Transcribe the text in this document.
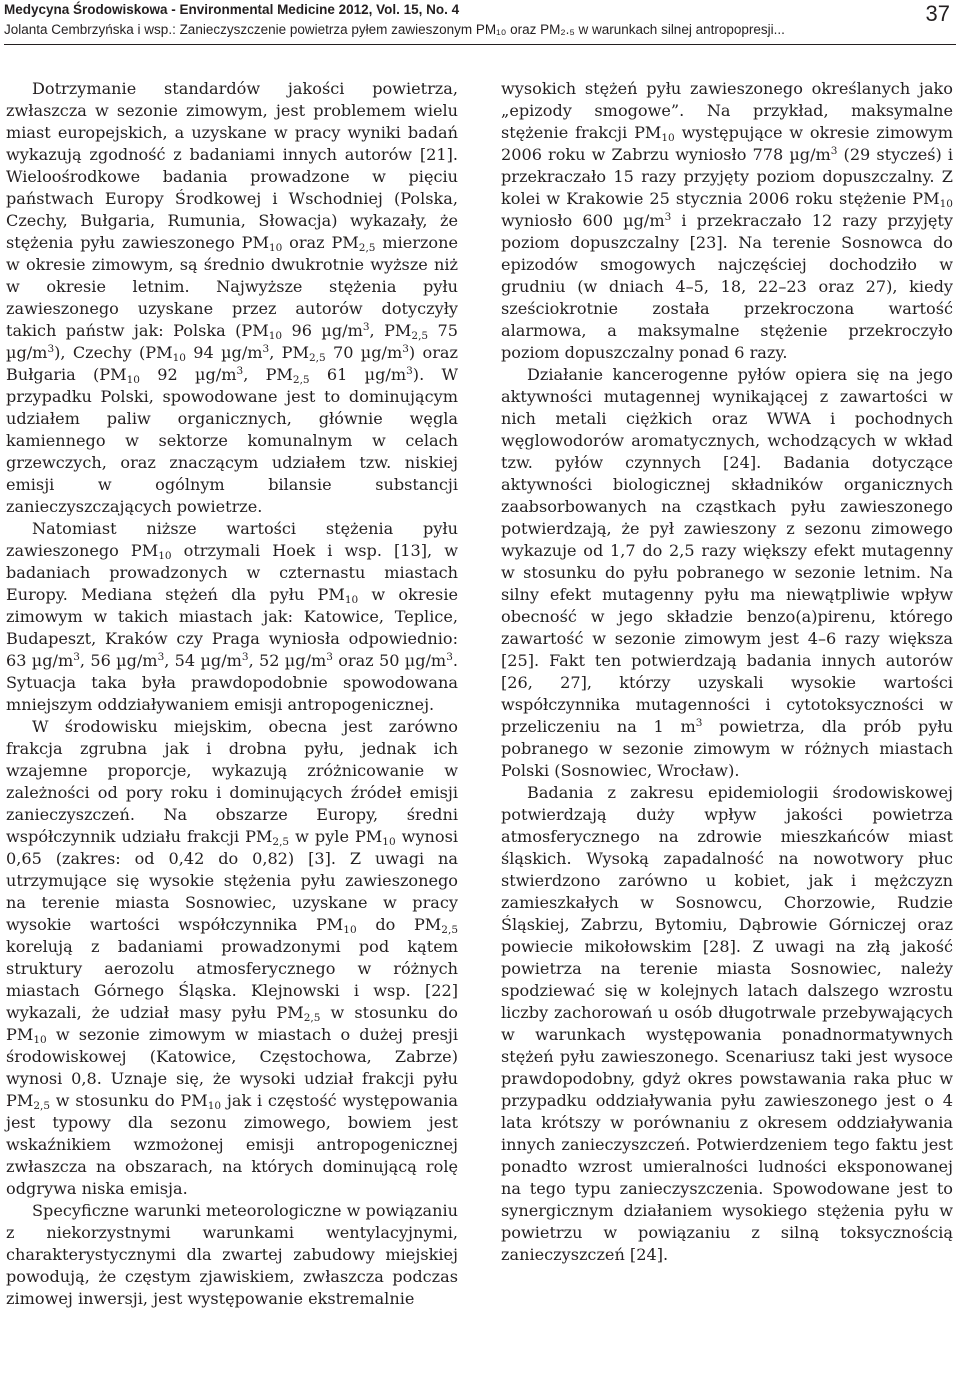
Medycyna Środowiskowa - Environmental Medicine 2012, Vol. 15, No. 4
Jolanta Cembrzyńska i wsp.: Zanieczyszczenie powietrza pyłem zawieszonym PM₁₀ oraz PM₂.₅ w warunkach silnej antropopresji...
37

Dotrzymanie standardów jakości powietrza, zwłaszcza w sezonie zimowym, jest problemem wielu miast europejskich, a uzyskane w pracy wyniki badań wykazują zgodność z badaniami innych autorów [21]. Wieloośrodkowe badania prowadzone w pięciu państwach Europy Środkowej i Wschodniej (Polska, Czechy, Bułgaria, Rumunia, Słowacja) wykazały, że stężenia pyłu zawieszonego $PM_{10}$ oraz $PM_{2,5}$ mierzone w okresie zimowym, są średnio dwukrotnie wyższe niż w okresie letnim. Najwyższe stężenia pyłu zawieszonego uzyskane przez autorów dotyczyły takich państw jak: Polska ($PM_{10}$ 96 $\mu g/m^3$, $PM_{2,5}$ 75 $\mu g/m^3$), Czechy ($PM_{10}$ 94 $\mu g/m^3$, $PM_{2,5}$ 70 $\mu g/m^3$) oraz Bułgaria ($PM_{10}$ 92 $\mu g/m^3$, $PM_{2,5}$ 61 $\mu g/m^3$). W przypadku Polski, spowodowane jest to dominującym udziałem paliw organicznych, głównie węgla kamiennego w sektorze komunalnym w celach grzewczych, oraz znaczącym udziałem tzw. niskiej emisji w ogólnym bilansie substancji zanieczyszczających powietrze.

Natomiast niższe wartości stężenia pyłu zawieszonego $PM_{10}$ otrzymali Hoek i wsp. [13], w badaniach prowadzonych w czternastu miastach Europy. Mediana stężeń dla pyłu $PM_{10}$ w okresie zimowym w takich miastach jak: Katowice, Teplice, Budapeszt, Kraków czy Praga wyniosła odpowiednio: 63 $\mu g/m^3$, 56 $\mu g/m^3$, 54 $\mu g/m^3$, 52 $\mu g/m^3$ oraz 50 $\mu g/m^3$. Sytuacja taka była prawdopodobnie spowodowana mniejszym oddziaływaniem emisji antropogenicznej.

W środowisku miejskim, obecna jest zarówno frakcja zgrubna jak i drobna pyłu, jednak ich wzajemne proporcje, wykazują zróżnicowanie w zależności od pory roku i dominujących źródeł emisji zanieczyszczeń. Na obszarze Europy, średni współczynnik udziału frakcji $PM_{2,5}$ w pyle $PM_{10}$ wynosi 0,65 (zakres: od 0,42 do 0,82) [3]. Z uwagi na utrzymujące się wysokie stężenia pyłu zawieszonego na terenie miasta Sosnowiec, uzyskane w pracy wysokie wartości współczynnika $PM_{10}$ do $PM_{2,5}$ korelują z badaniami prowadzonymi pod kątem struktury aerozolu atmosferycznego w różnych miastach Górnego Śląska. Klejnowski i wsp. [22] wykazali, że udział masy pyłu $PM_{2,5}$ w stosunku do $PM_{10}$ w sezonie zimowym w miastach o dużej presji środowiskowej (Katowice, Częstochowa, Zabrze) wynosi 0,8. Uznaje się, że wysoki udział frakcji pyłu $PM_{2,5}$ w stosunku do $PM_{10}$ jak i częstość występowania jest typowy dla sezonu zimowego, bowiem jest wskaźnikiem wzmożonej emisji antropogenicznej zwłaszcza na obszarach, na których dominującą rolę odgrywa niska emisja.

Specyficzne warunki meteorologiczne w powiązaniu z niekorzystnymi warunkami wentylacyjnymi, charakterystycznymi dla zwartej zabudowy miejskiej powodują, że częstym zjawiskiem, zwłaszcza podczas zimowej inwersji, jest występowanie ekstremalnie

wysokich stężeń pyłu zawieszonego określanych jako „epizody smogowe”. Na przykład, maksymalne stężenie frakcji $PM_{10}$ występujące w okresie zimowym 2006 roku w Zabrzu wyniosło 778 $\mu g/m^3$ (29 stycześ) i przekraczało 15 razy przyjęty poziom dopuszczalny. Z kolei w Krakowie 25 stycznia 2006 roku stężenie $PM_{10}$ wyniosło 600 $\mu g/m^3$ i przekraczało 12 razy przyjęty poziom dopuszczalny [23]. Na terenie Sosnowca do epizodów smogowych najczęściej dochodziło w grudniu (w dniach 4–5, 18, 22–23 oraz 27), kiedy sześciokrotnie została przekroczona wartość alarmowa, a maksymalne stężenie przekroczyło poziom dopuszczalny ponad 6 razy.

Działanie kancerogenne pyłów opiera się na jego aktywności mutagennej wynikającej z zawartości w nich metali ciężkich oraz WWA i pochodnych węglowodorów aromatycznych, wchodzących w wkład tzw. pyłów czynnych [24]. Badania dotyczące aktywności biologicznej składników organicznych zaabsorbowanych na cząstkach pyłu zawieszonego potwierdzają, że pył zawieszony z sezonu zimowego wykazuje od 1,7 do 2,5 razy większy efekt mutagenny w stosunku do pyłu pobranego w sezonie letnim. Na silny efekt mutagenny pyłu ma niewątpliwie wpływ obecność w jego składzie benzo(a)pirenu, którego zawartość w sezonie zimowym jest 4–6 razy większa [25]. Fakt ten potwierdzają badania innych autorów [26, 27], którzy uzyskali wysokie wartości współczynnika mutagenności i cytotoksyczności w przeliczeniu na 1 $m^3$ powietrza, dla prób pyłu pobranego w sezonie zimowym w różnych miastach Polski (Sosnowiec, Wrocław).

Badania z zakresu epidemiologii środowiskowej potwierdzają duży wpływ jakości powietrza atmosferycznego na zdrowie mieszkańców miast śląskich. Wysoką zapadalność na nowotwory płuc stwierdzono zarówno u kobiet, jak i mężczyzn zamieszkałych w Sosnowcu, Chorzowie, Rudzie Śląskiej, Zabrzu, Bytomiu, Dąbrowie Górniczej oraz powiecie mikołowskim [28]. Z uwagi na złą jakość powietrza na terenie miasta Sosnowiec, należy spodziewać się w kolejnych latach dalszego wzrostu liczby zachorowań u osób długotrwale przebywających w warunkach występowania ponadnormatywnych stężeń pyłu zawieszonego. Scenariusz taki jest wysoce prawdopodobny, gdyż okres powstawania raka płuc w przypadku oddziaływania pyłu zawieszonego jest o 4 lata krótszy w porównaniu z okresem oddziaływania innych zanieczyszczeń. Potwierdzeniem tego faktu jest ponadto wzrost umieralności ludności eksponowanej na tego typu zanieczyszczenia. Spowodowane jest to synergicznym działaniem wysokiego stężenia pyłu w powietrzu w powiązaniu z silną toksycznością zanieczyszczeń [24].
